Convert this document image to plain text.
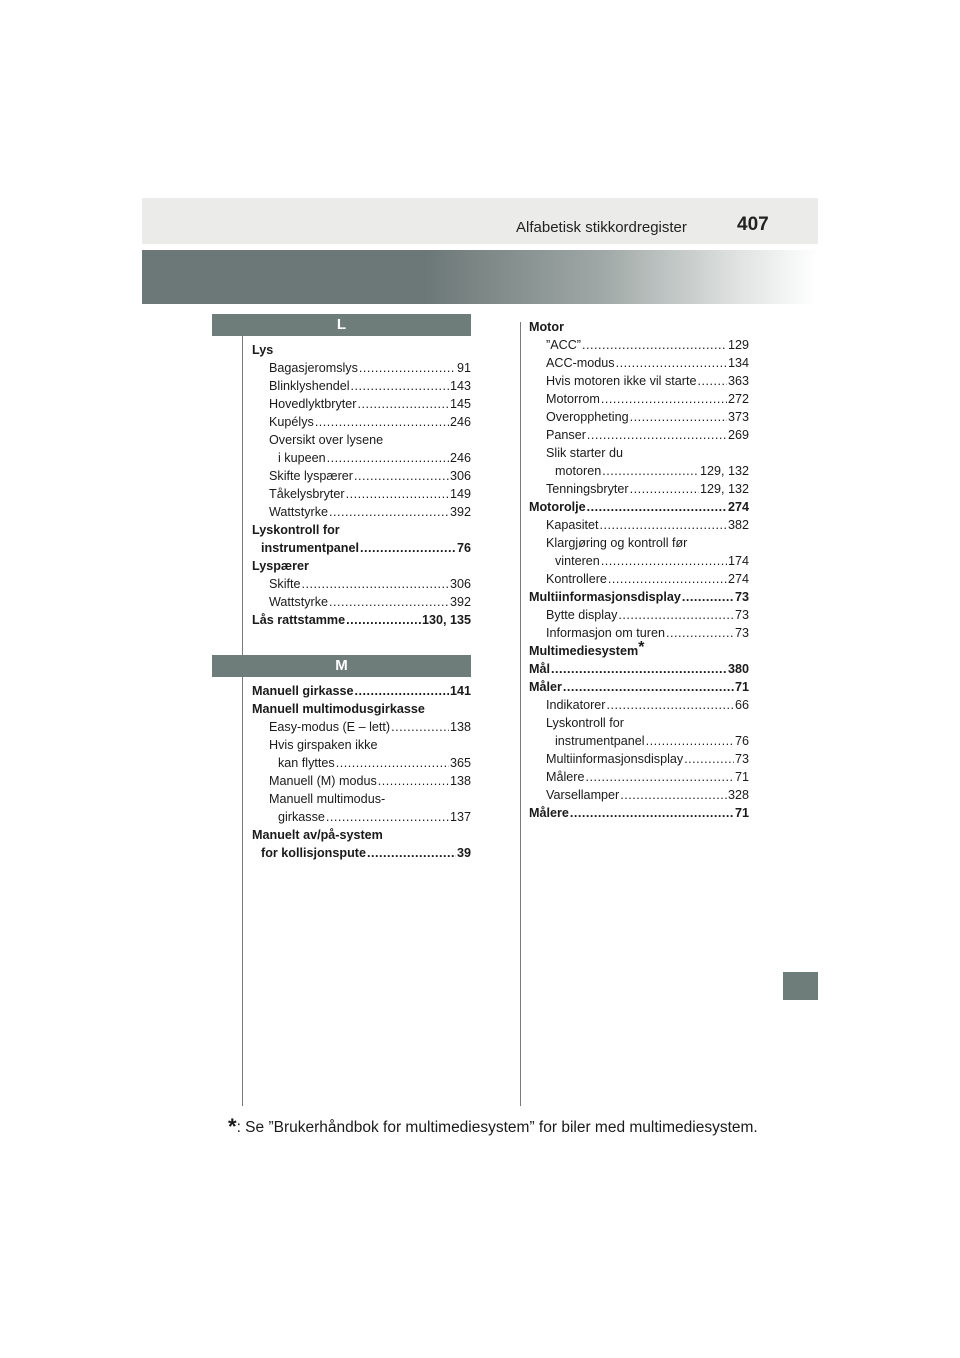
Alfabetisk stikkordregister	407
L
M
Lys
Bagasjeromslys .....	91
Blinklyshendel .....	143
Hovedlyktbryter .....	145
Kupélys .....	246
Oversikt over lysene
i kupeen .....	246
Skifte lyspærer .....	306
Tåkelysbryter .....	149
Wattstyrke .....	392
Lyskontroll for
instrumentpanel .....	76
Lyspærer
Skifte .....	306
Wattstyrke .....	392
Lås rattstamme .....	130, 135
Manuell girkasse .....	141
Manuell multimodusgirkasse
Easy-modus (E – lett) .....	138
Hvis girspaken ikke
kan flyttes .....	365
Manuell (M) modus .....	138
Manuell multimodus-
girkasse .....	137
Manuelt av/på-system
for kollisjonspute .....	39
Motor
”ACC” .....	129
ACC-modus .....	134
Hvis motoren ikke vil starte .....	363
Motorrom .....	272
Overoppheting .....	373
Panser .....	269
Slik starter du
motoren .....	129, 132
Tenningsbryter .....	129, 132
Motorolje .....	274
Kapasitet .....	382
Klargjøring og kontroll før
vinteren .....	174
Kontrollere .....	274
Multiinformasjonsdisplay .....	73
Bytte display .....	73
Informasjon om turen .....	73
Multimediesystem *
Mål .....	380
Måler .....	71
Indikatorer .....	66
Lyskontroll for
instrumentpanel .....	76
Multiinformasjonsdisplay .....	73
Målere .....	71
Varsellamper .....	328
Målere .....	71
*: Se ”Brukerhåndbok for multimediesystem” for biler med multimediesystem.
